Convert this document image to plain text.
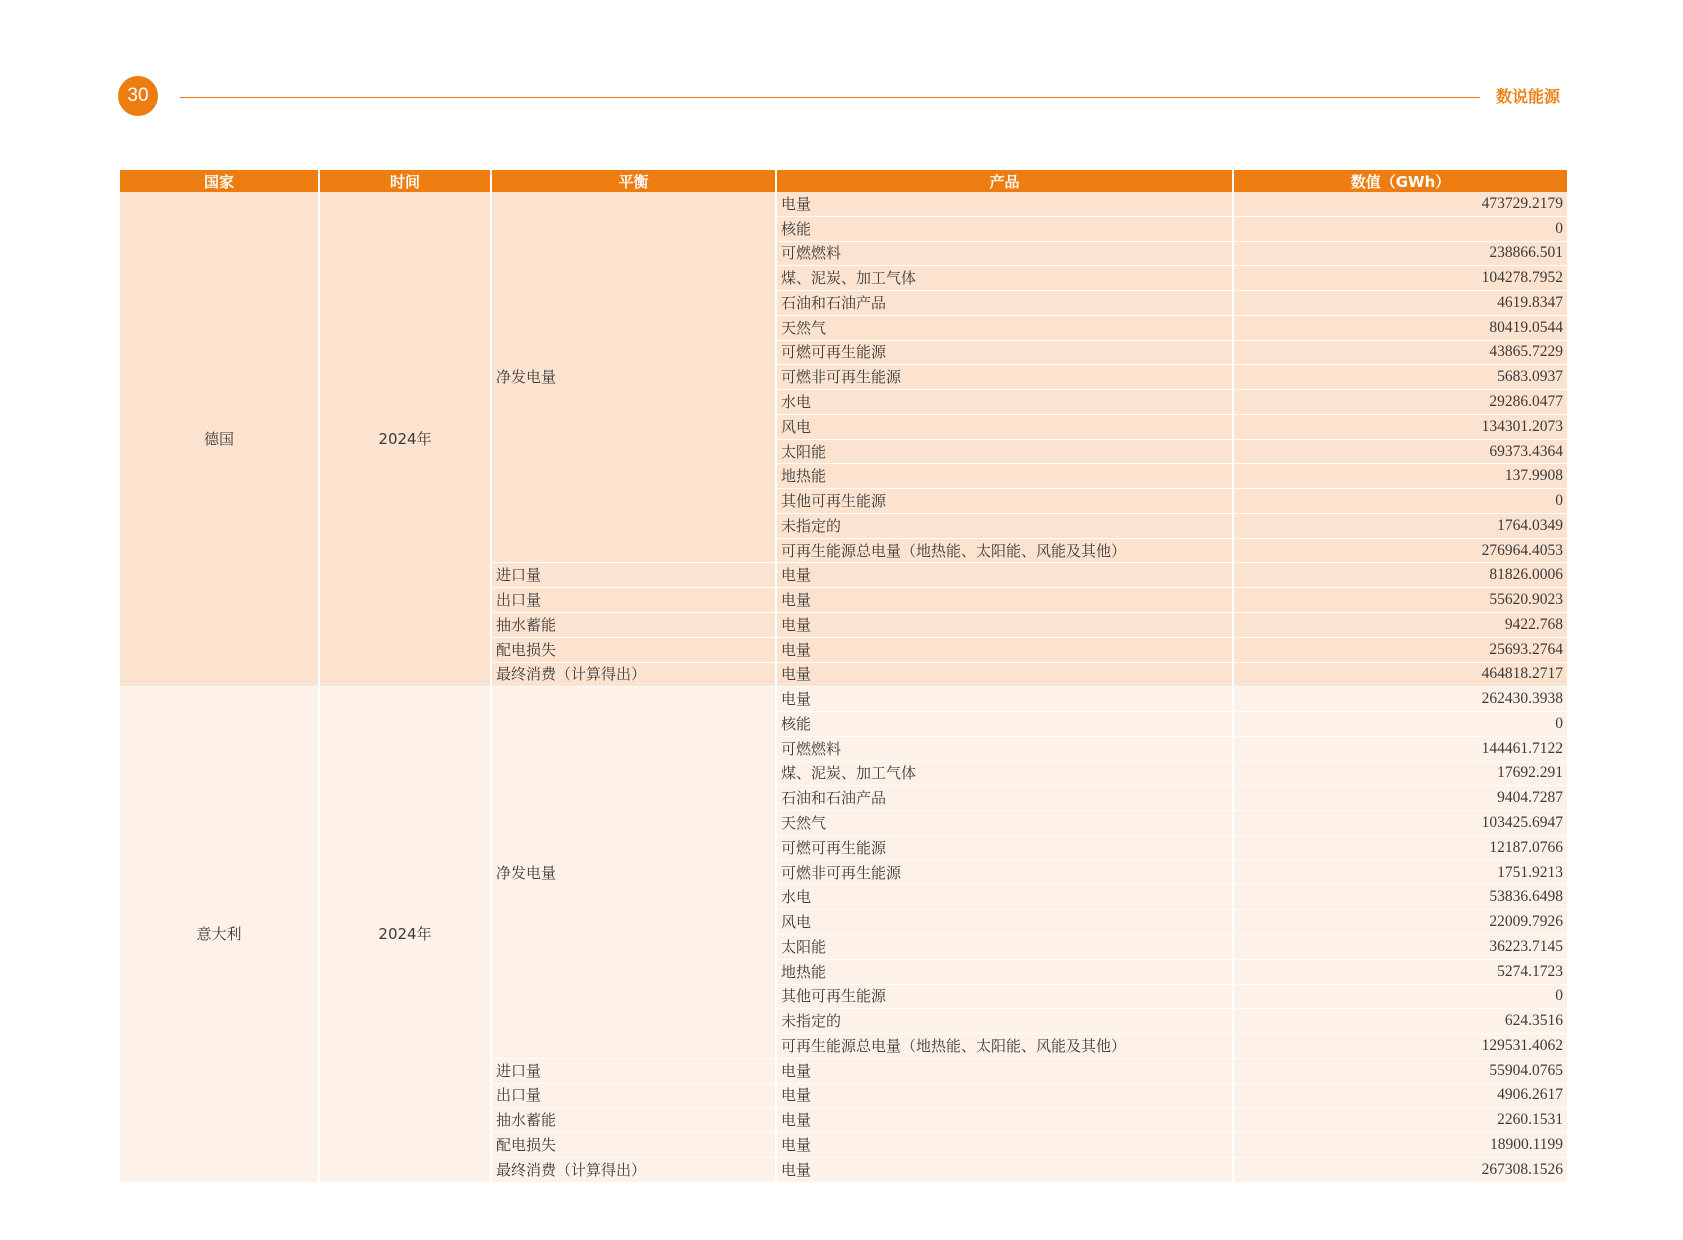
30	数说能源
国家	时间	平衡	产品	数值（GWh）
德国	2024年	净发电量	电量	473729.2179
			核能	0
			可燃燃料	238866.501
			煤、泥炭、加工气体	104278.7952
			石油和石油产品	4619.8347
			天然气	80419.0544
			可燃可再生能源	43865.7229
			可燃非可再生能源	5683.0937
			水电	29286.0477
			风电	134301.2073
			太阳能	69373.4364
			地热能	137.9908
			其他可再生能源	0
			未指定的	1764.0349
			可再生能源总电量（地热能、太阳能、风能及其他）	276964.4053
		进口量	电量	81826.0006
		出口量	电量	55620.9023
		抽水蓄能	电量	9422.768
		配电损失	电量	25693.2764
		最终消费（计算得出）	电量	464818.2717
意大利	2024年	净发电量	电量	262430.3938
			核能	0
			可燃燃料	144461.7122
			煤、泥炭、加工气体	17692.291
			石油和石油产品	9404.7287
			天然气	103425.6947
			可燃可再生能源	12187.0766
			可燃非可再生能源	1751.9213
			水电	53836.6498
			风电	22009.7926
			太阳能	36223.7145
			地热能	5274.1723
			其他可再生能源	0
			未指定的	624.3516
			可再生能源总电量（地热能、太阳能、风能及其他）	129531.4062
		进口量	电量	55904.0765
		出口量	电量	4906.2617
		抽水蓄能	电量	2260.1531
		配电损失	电量	18900.1199
		最终消费（计算得出）	电量	267308.1526
